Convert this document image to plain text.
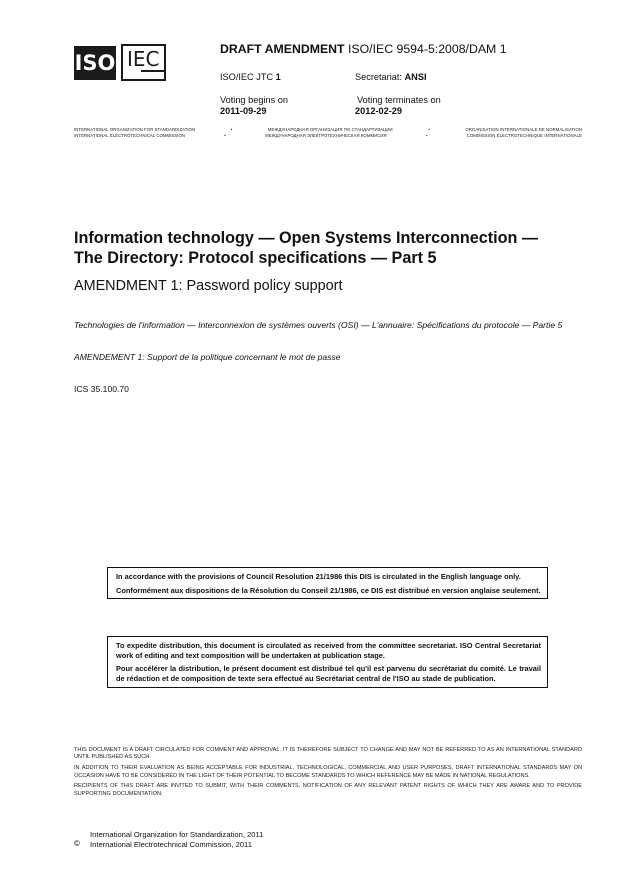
ISO IEC	DRAFT AMENDMENT ISO/IEC 9594-5:2008/DAM 1
ISO/IEC JTC 1	Secretariat: ANSI
Voting begins on
2011-09-29
Voting terminates on
2012-02-29
INTERNATIONAL ORGANIZATION FOR STANDARDIZATION	•	МЕЖДУНАРОДНАЯ ОРГАНИЗАЦИЯ ПО СТАНДАРТИЗАЦИИ	•	ORGANISATION INTERNATIONALE DE NORMALISATION
INTERNATIONAL ELECTROTECHNICAL COMMISSION	•	МЕЖДУНАРОДНАЯ ЭЛЕКТРОТЕХНИЧЕСКАЯ КОММИСИЯ	•	COMMISSION ÉLECTROTECHNIQUE INTERNATIONALE
Information technology — Open Systems Interconnection —
The Directory: Protocol specifications — Part 5
AMENDMENT 1: Password policy support
Technologies de l'information — Interconnexion de systèmes ouverts (OSI) — L'annuaire: Spécifications du protocole — Partie 5
AMENDEMENT 1: Support de la politique concernant le mot de passe
ICS 35.100.70

In accordance with the provisions of Council Resolution 21/1986 this DIS is circulated in the English language only.

Conformément aux dispositions de la Résolution du Conseil 21/1986, ce DIS est distribué en version anglaise seulement.

To expedite distribution, this document is circulated as received from the committee secretariat. ISO Central Secretariat work of editing and text composition will be undertaken at publication stage.

Pour accélérer la distribution, le présent document est distribué tel qu'il est parvenu du secrétariat du comité. Le travail de rédaction et de composition de texte sera effectué au Secrétariat central de l'ISO au stade de publication.

THIS DOCUMENT IS A DRAFT CIRCULATED FOR COMMENT AND APPROVAL. IT IS THEREFORE SUBJECT TO CHANGE AND MAY NOT BE REFERRED TO AS AN INTERNATIONAL STANDARD UNTIL PUBLISHED AS SUCH.

IN ADDITION TO THEIR EVALUATION AS BEING ACCEPTABLE FOR INDUSTRIAL, TECHNOLOGICAL, COMMERCIAL AND USER PURPOSES, DRAFT INTERNATIONAL STANDARDS MAY ON OCCASION HAVE TO BE CONSIDERED IN THE LIGHT OF THEIR POTENTIAL TO BECOME STANDARDS TO WHICH REFERENCE MAY BE MADE IN NATIONAL REGULATIONS.

RECIPIENTS OF THIS DRAFT ARE INVITED TO SUBMIT, WITH THEIR COMMENTS, NOTIFICATION OF ANY RELEVANT PATENT RIGHTS OF WHICH THEY ARE AWARE AND TO PROVIDE SUPPORTING DOCUMENTATION.

©
International Organization for Standardization, 2011
International Electrotechnical Commission, 2011
